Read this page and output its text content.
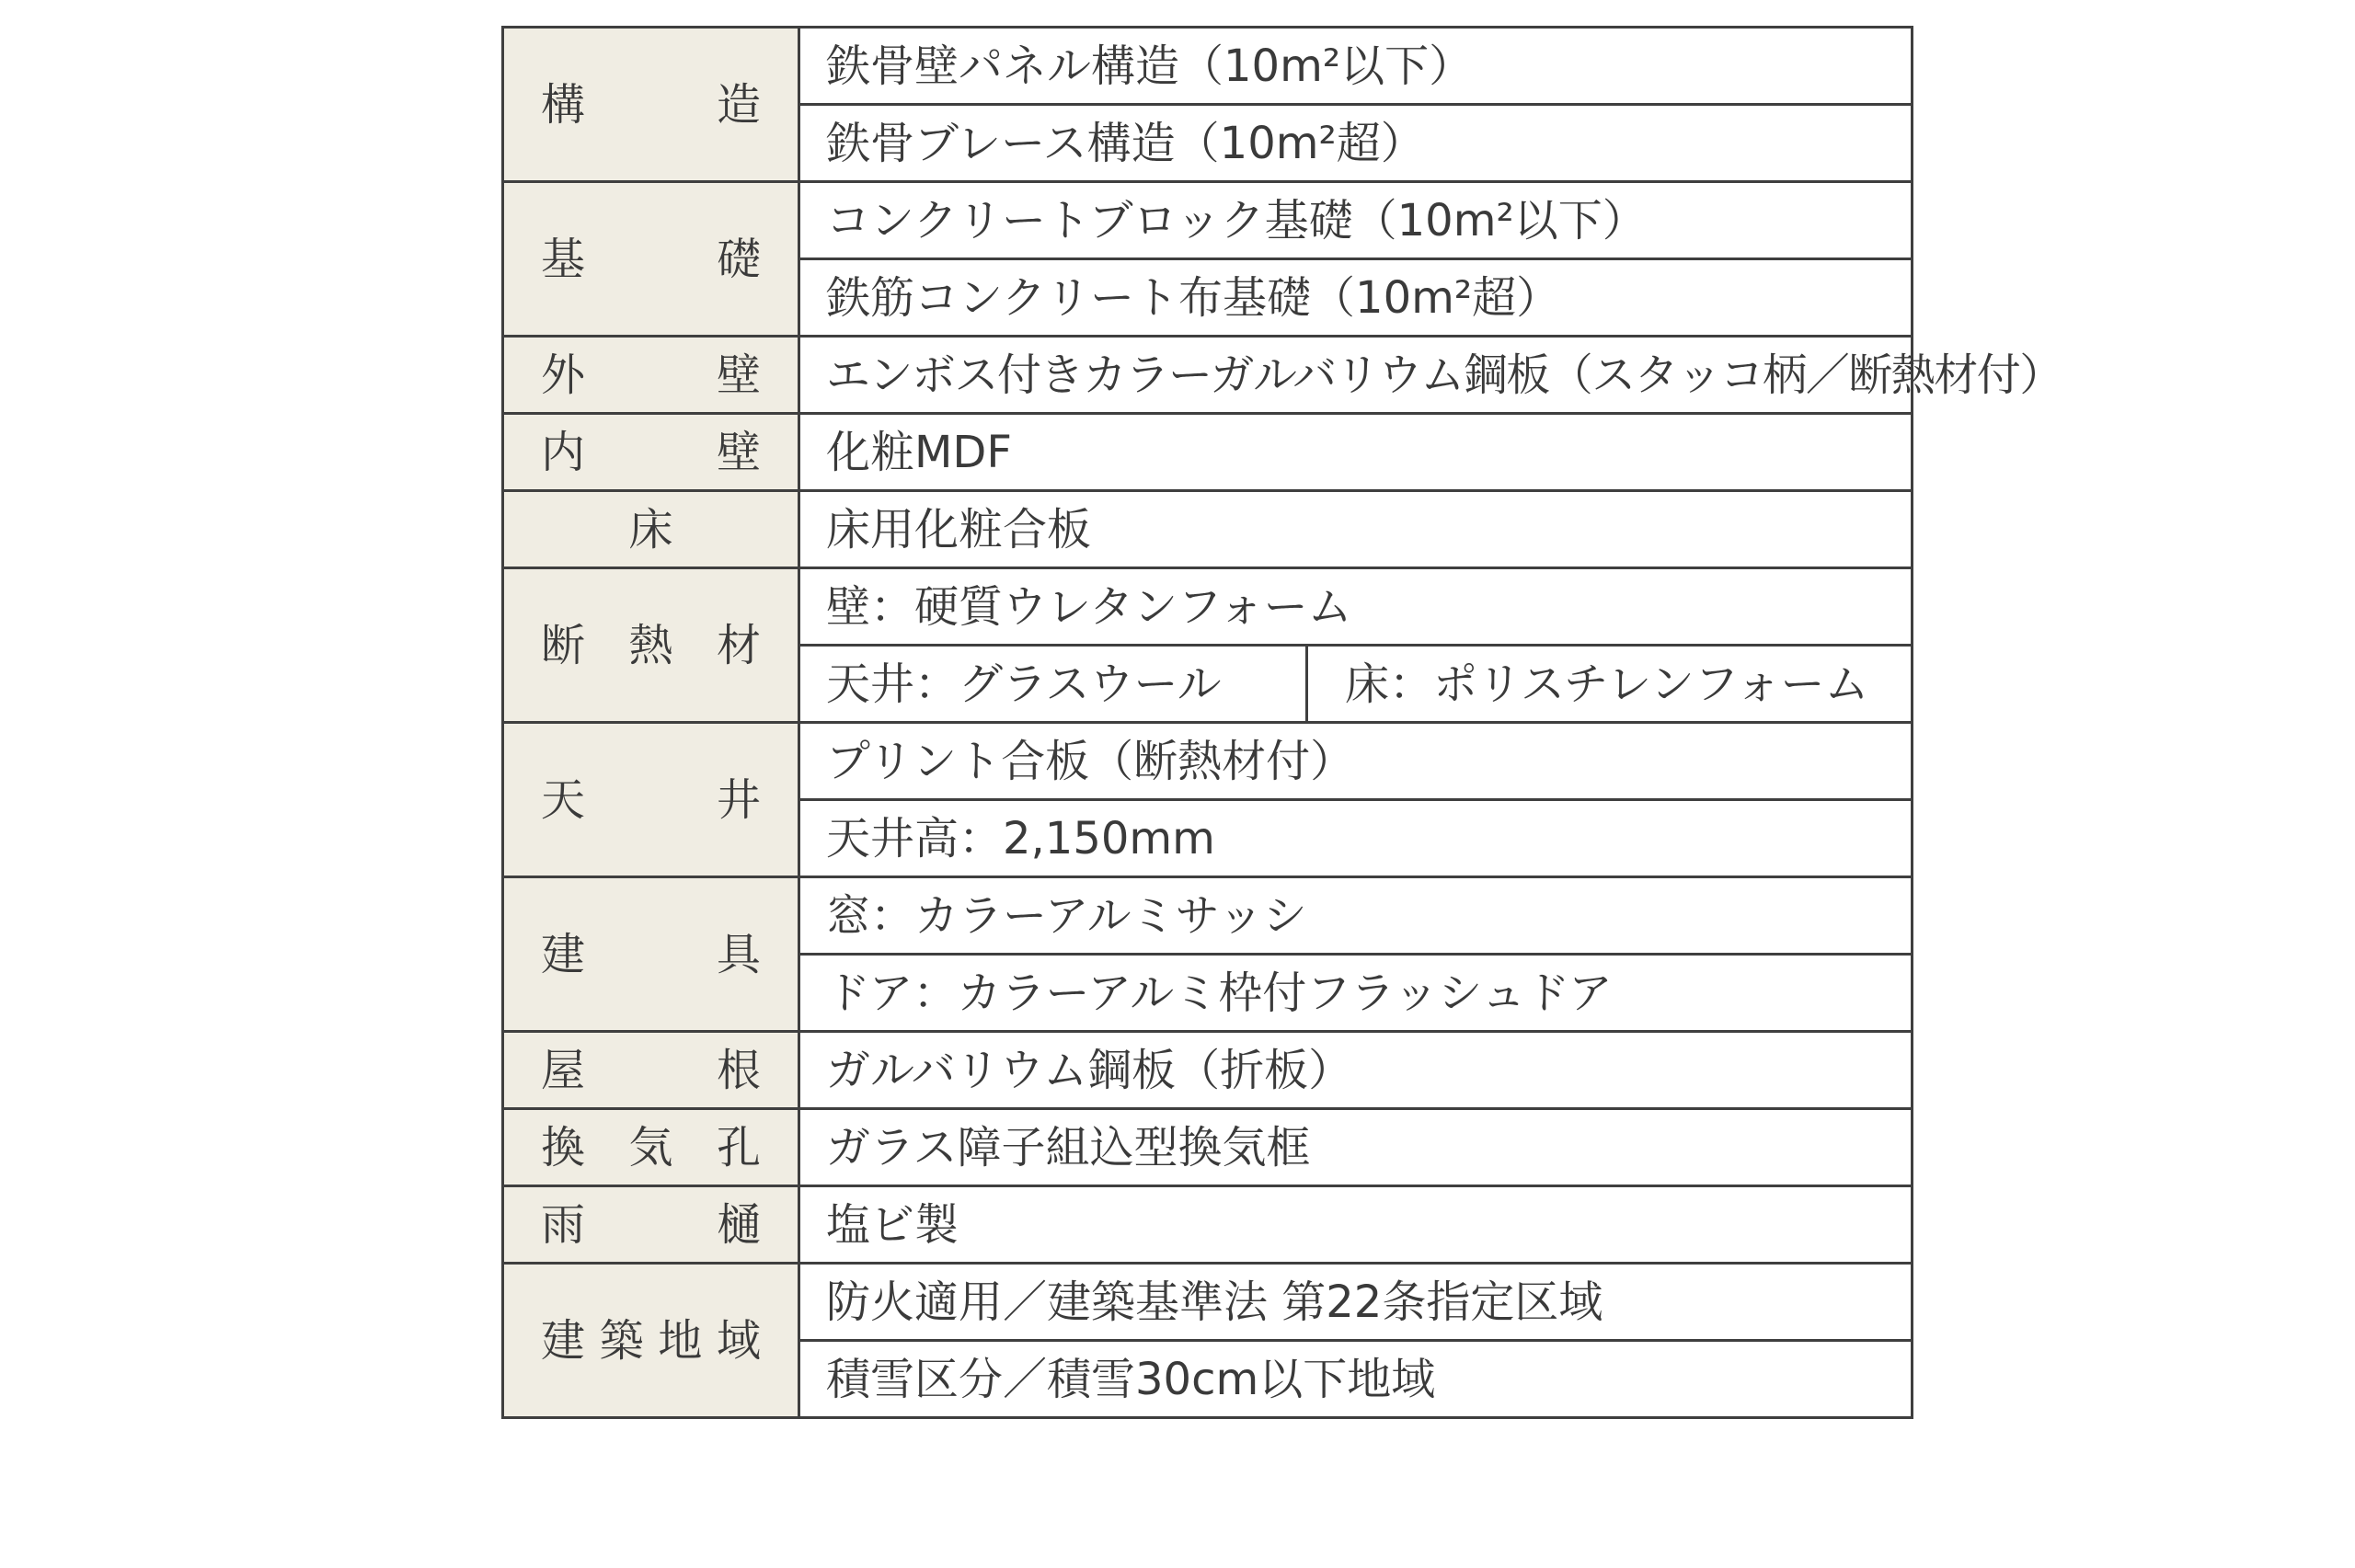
構 造	鉄骨壁パネル構造（10m²以下）	
	鉄骨ブレース構造（10m²超）	

基 礎	コンクリートブロック基礎（10m²以下）	
	鉄筋コンクリート布基礎（10m²超）	

外 壁	エンボス付きカラーガルバリウム鋼板（スタッコ柄／断熱材付）	

内 壁	化粧MDF	

床	床用化粧合板	

断 熱 材	壁：硬質ウレタンフォーム	
	天井：グラスウール	床：ポリスチレンフォーム

天 井	プリント合板（断熱材付）	
	天井高：2,150mm	

建 具	窓：カラーアルミサッシ	
	ドア：カラーアルミ枠付フラッシュドア	

屋 根	ガルバリウム鋼板（折板）	

換 気 孔	ガラス障子組込型換気框	

雨 樋	塩ビ製	

建 築 地 域	防火適用／建築基準法 第22条指定区域	
	積雪区分／積雪30cm以下地域	
